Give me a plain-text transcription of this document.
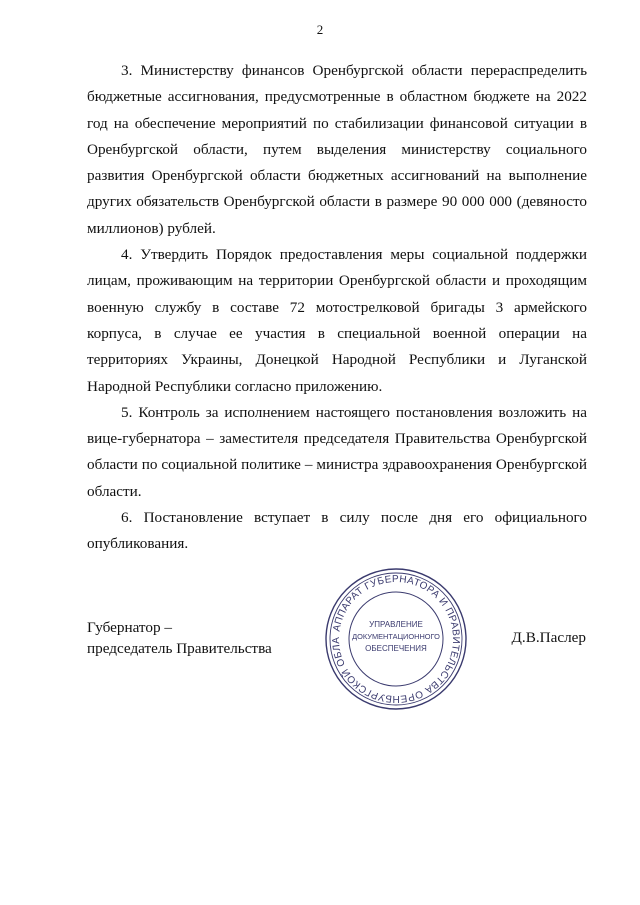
2

3. Министерству финансов Оренбургской области перераспределить бюджетные ассигнования, предусмотренные в областном бюджете на 2022 год на обеспечение мероприятий по стабилизации финансовой ситуации в Оренбургской области, путем выделения министерству социального развития Оренбургской области бюджетных ассигнований на выполнение других обязательств Оренбургской области в размере 90 000 000 (девяносто миллионов) рублей.

4. Утвердить Порядок предоставления меры социальной поддержки лицам, проживающим на территории Оренбургской области и проходящим военную службу в составе 72 мотострелковой бригады 3 армейского корпуса, в случае ее участия в специальной военной операции на территориях Украины, Донецкой Народной Республики и Луганской Народной Республики согласно приложению.

5. Контроль за исполнением настоящего постановления возложить на вице-губернатора – заместителя председателя Правительства Оренбургской области по социальной политике – министра здравоохранения Оренбургской области.

6. Постановление вступает в силу после дня его официального опубликования.

Губернатор –
председатель Правительства
АППАРАТ ГУБЕРНАТОРА И ПРАВИТЕЛЬСТВА ОРЕНБУРГСКОЙ ОБЛА
УПРАВЛЕНИЕ
ДОКУМЕНТАЦИОННОГО
ОБЕСПЕЧЕНИЯ
Д.В.Паслер
